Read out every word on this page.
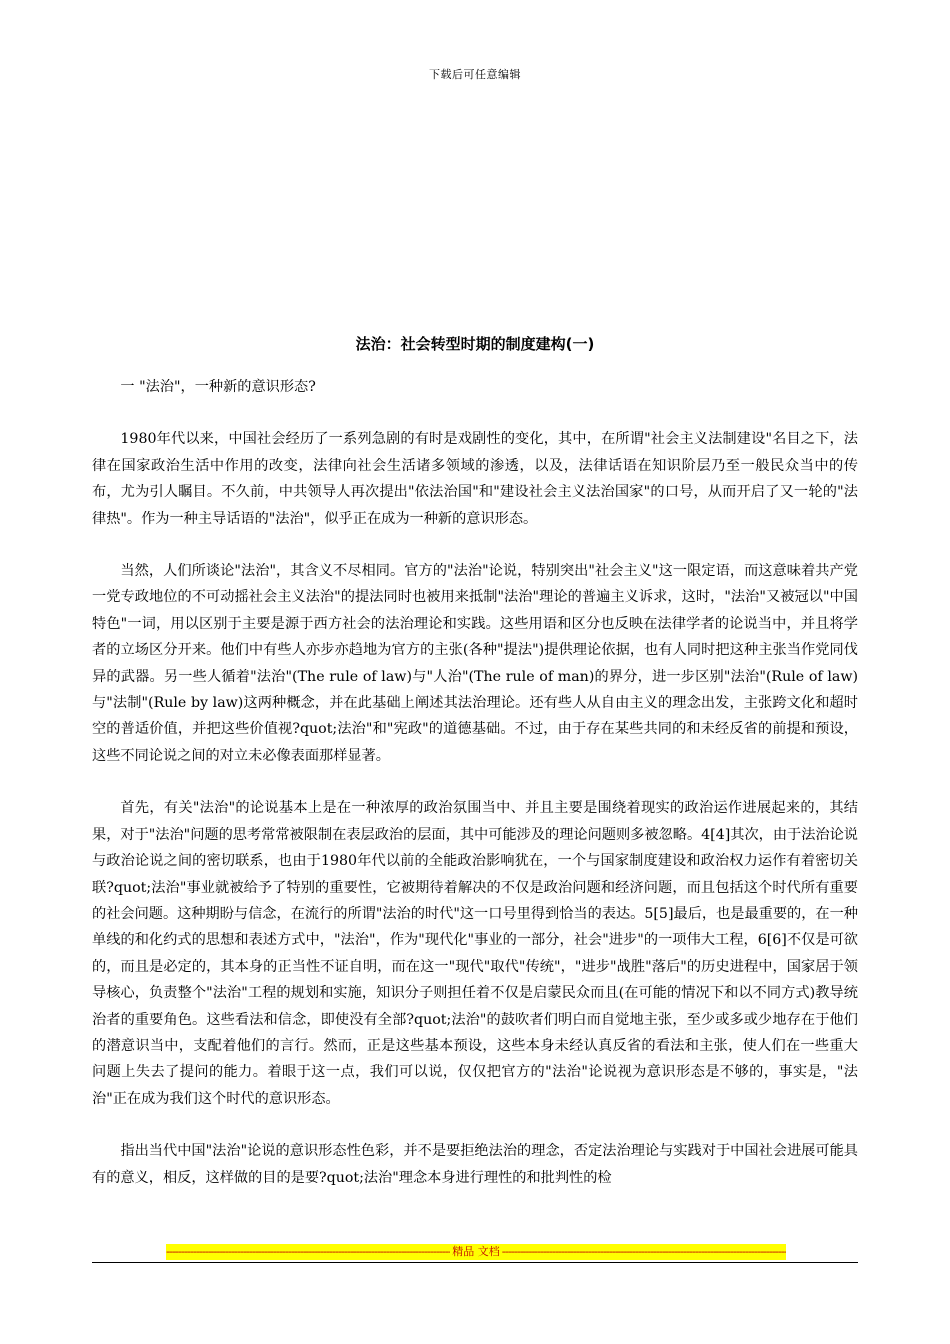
下载后可任意编辑
法治：社会转型时期的制度建构(一)

一 "法治"，一种新的意识形态?

1980年代以来，中国社会经历了一系列急剧的有时是戏剧性的变化，其中，在所谓"社会主义法制建设"名目之下，法律在国家政治生活中作用的改变，法律向社会生活诸多领域的渗透，以及，法律话语在知识阶层乃至一般民众当中的传布，尤为引人瞩目。不久前，中共领导人再次提出"依法治国"和"建设社会主义法治国家"的口号，从而开启了又一轮的"法律热"。作为一种主导话语的"法治"，似乎正在成为一种新的意识形态。

当然，人们所谈论"法治"，其含义不尽相同。官方的"法治"论说，特别突出"社会主义"这一限定语，而这意味着共产党一党专政地位的不可动摇社会主义法治"的提法同时也被用来抵制"法治"理论的普遍主义诉求，这时，"法治"又被冠以"中国特色"一词，用以区别于主要是源于西方社会的法治理论和实践。这些用语和区分也反映在法律学者的论说当中，并且将学者的立场区分开来。他们中有些人亦步亦趋地为官方的主张(各种"提法")提供理论依据，也有人同时把这种主张当作党同伐异的武器。另一些人循着"法治"(The rule of law)与"人治"(The rule of man)的界分，进一步区别"法治"(Rule of law)与"法制"(Rule by law)这两种概念，并在此基础上阐述其法治理论。还有些人从自由主义的理念出发，主张跨文化和超时空的普适价值，并把这些价值视?quot;法治"和"宪政"的道德基础。不过，由于存在某些共同的和未经反省的前提和预设，这些不同论说之间的对立未必像表面那样显著。

首先，有关"法治"的论说基本上是在一种浓厚的政治氛围当中、并且主要是围绕着现实的政治运作进展起来的，其结果，对于"法治"问题的思考常常被限制在表层政治的层面，其中可能涉及的理论问题则多被忽略。4[4]其次，由于法治论说与政治论说之间的密切联系，也由于1980年代以前的全能政治影响犹在，一个与国家制度建设和政治权力运作有着密切关联?quot;法治"事业就被给予了特别的重要性，它被期待着解决的不仅是政治问题和经济问题，而且包括这个时代所有重要的社会问题。这种期盼与信念，在流行的所谓"法治的时代"这一口号里得到恰当的表达。5[5]最后，也是最重要的，在一种单线的和化约式的思想和表述方式中，"法治"，作为"现代化"事业的一部分，社会"进步"的一项伟大工程，6[6]不仅是可欲的，而且是必定的，其本身的正当性不证自明，而在这一"现代"取代"传统"，"进步"战胜"落后"的历史进程中，国家居于领导核心，负责整个"法治"工程的规划和实施，知识分子则担任着不仅是启蒙民众而且(在可能的情况下和以不同方式)教导统治者的重要角色。这些看法和信念，即使没有全部?quot;法治"的鼓吹者们明白而自觉地主张，至少或多或少地存在于他们的潜意识当中，支配着他们的言行。然而，正是这些基本预设，这些本身未经认真反省的看法和主张，使人们在一些重大问题上失去了提问的能力。着眼于这一点，我们可以说，仅仅把官方的"法治"论说视为意识形态是不够的，事实是，"法治"正在成为我们这个时代的意识形态。

指出当代中国"法治"论说的意识形态性色彩，并不是要拒绝法治的理念，否定法治理论与实践对于中国社会进展可能具有的意义，相反，这样做的目的是要?quot;法治"理念本身进行理性的和批判性的检

-----
精品 文档
-----
